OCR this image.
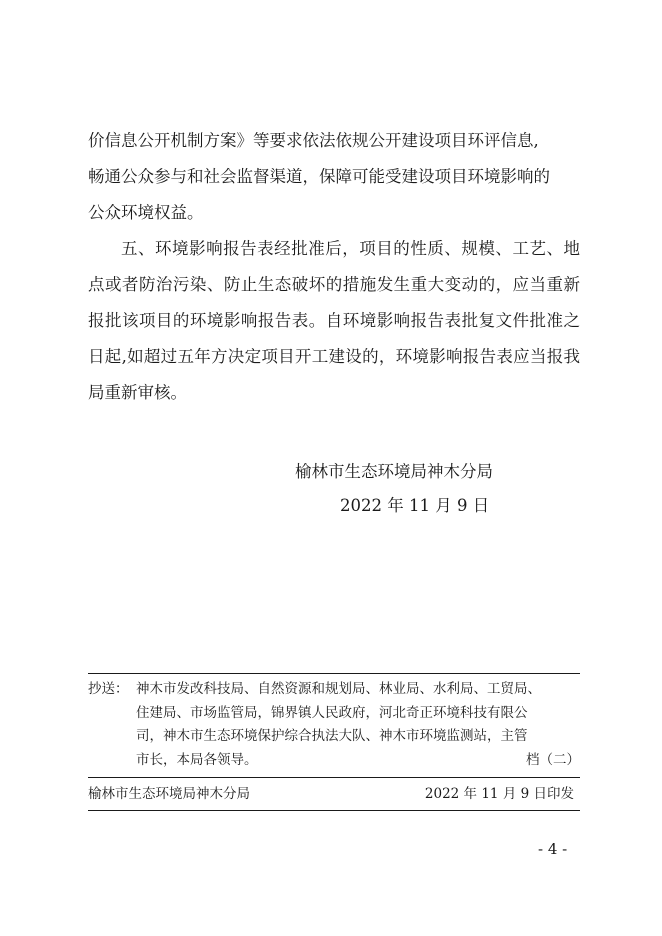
价信息公开机制方案》等要求依法依规公开建设项目环评信息,
畅通公众参与和社会监督渠道，保障可能受建设项目环境影响的
公众环境权益。

五、环境影响报告表经批准后，项目的性质、规模、工艺、地点或者防治污染、防止生态破坏的措施发生重大变动的，应当重新报批该项目的环境影响报告表。自环境影响报告表批复文件批准之日起,如超过五年方决定项目开工建设的，环境影响报告表应当报我局重新审核。

榆林市生态环境局神木分局
2022 年 11 月 9 日
抄送： 神木市发改科技局、自然资源和规划局、林业局、水利局、工贸局、
住建局、市场监管局，锦界镇人民政府，河北奇正环境科技有限公
司，神木市生态环境保护综合执法大队、神木市环境监测站，主管
市长，本局各领导。	档（二）
榆林市生态环境局神木分局	2022 年 11 月 9 日印发
- 4 -
